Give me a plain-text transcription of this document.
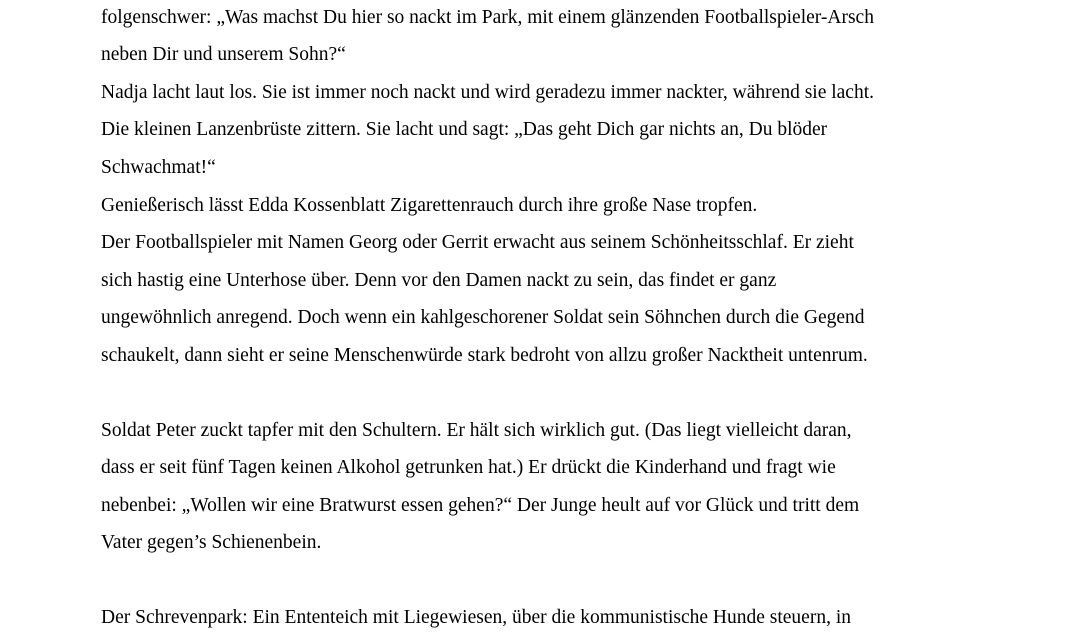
folgenschwer: „Was machst Du hier so nackt im Park, mit einem glänzenden Footballspieler-Arsch
neben Dir und unserem Sohn?“
Nadja lacht laut los. Sie ist immer noch nackt und wird geradezu immer nackter, während sie lacht.
Die kleinen Lanzenbrüste zittern. Sie lacht und sagt: „Das geht Dich gar nichts an, Du blöder
Schwachmat!“
Genießerisch lässt Edda Kossenblatt Zigarettenrauch durch ihre große Nase tropfen.
Der Footballspieler mit Namen Georg oder Gerrit erwacht aus seinem Schönheitsschlaf. Er zieht
sich hastig eine Unterhose über. Denn vor den Damen nackt zu sein, das findet er ganz
ungewöhnlich anregend. Doch wenn ein kahlgeschorener Soldat sein Söhnchen durch die Gegend
schaukelt, dann sieht er seine Menschenwürde stark bedroht von allzu großer Nacktheit untenrum.
Soldat Peter zuckt tapfer mit den Schultern. Er hält sich wirklich gut. (Das liegt vielleicht daran,
dass er seit fünf Tagen keinen Alkohol getrunken hat.) Er drückt die Kinderhand und fragt wie
nebenbei: „Wollen wir eine Bratwurst essen gehen?“ Der Junge heult auf vor Glück und tritt dem
Vater gegen’s Schienenbein.
Der Schrevenpark: Ein Ententeich mit Liegewiesen, über die kommunistische Hunde steuern, in
